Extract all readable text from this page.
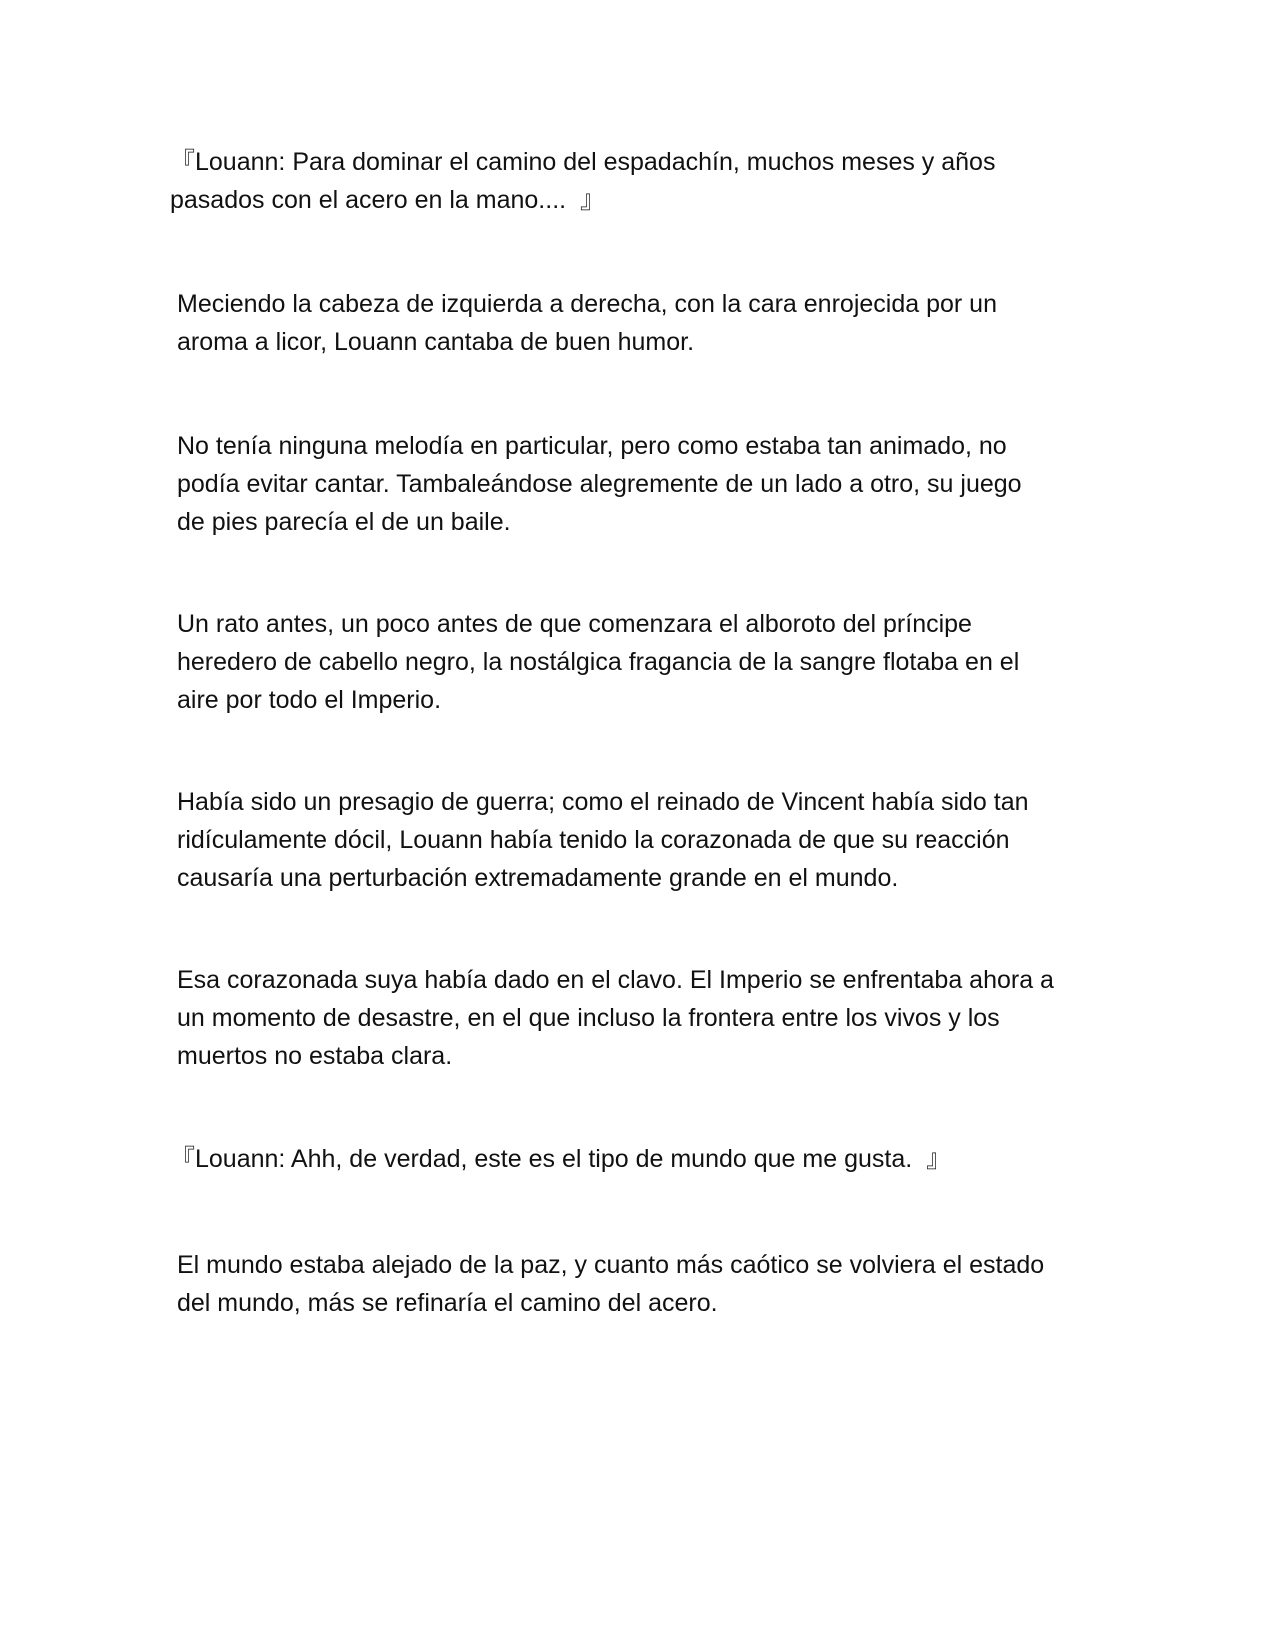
『Louann: Para dominar el camino del espadachín, muchos meses y años
pasados con el acero en la mano....  』

Meciendo la cabeza de izquierda a derecha, con la cara enrojecida por un
aroma a licor, Louann cantaba de buen humor.

No tenía ninguna melodía en particular, pero como estaba tan animado, no
podía evitar cantar. Tambaleándose alegremente de un lado a otro, su juego
de pies parecía el de un baile.

Un rato antes, un poco antes de que comenzara el alboroto del príncipe
heredero de cabello negro, la nostálgica fragancia de la sangre flotaba en el
aire por todo el Imperio.

Había sido un presagio de guerra; como el reinado de Vincent había sido tan
ridículamente dócil, Louann había tenido la corazonada de que su reacción
causaría una perturbación extremadamente grande en el mundo.

Esa corazonada suya había dado en el clavo. El Imperio se enfrentaba ahora a
un momento de desastre, en el que incluso la frontera entre los vivos y los
muertos no estaba clara.

『Louann: Ahh, de verdad, este es el tipo de mundo que me gusta.  』

El mundo estaba alejado de la paz, y cuanto más caótico se volviera el estado
del mundo, más se refinaría el camino del acero.
